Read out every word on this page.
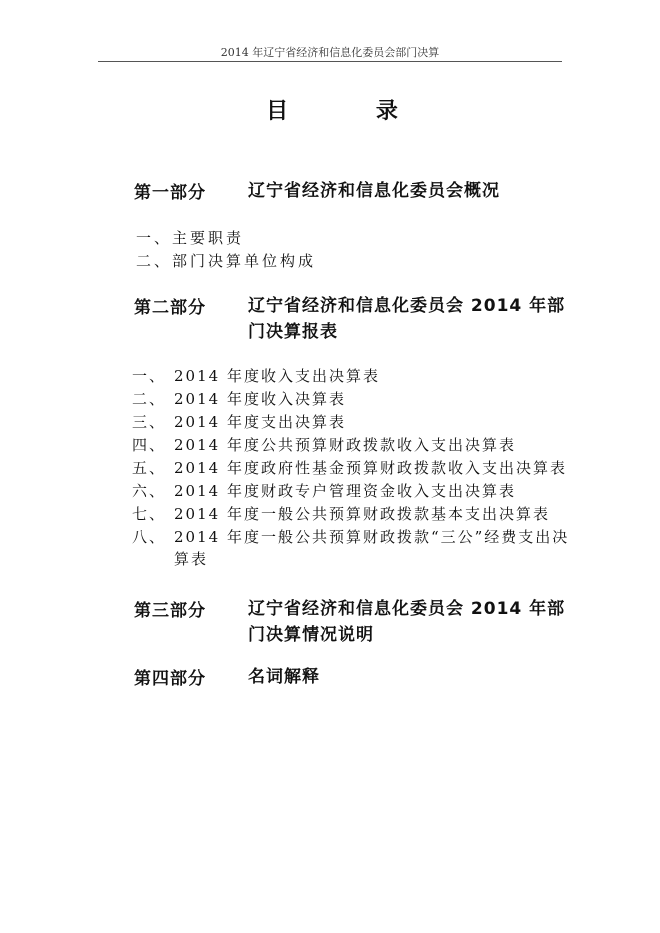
2014 年辽宁省经济和信息化委员会部门决算
目 录
第一部分 辽宁省经济和信息化委员会概况
一、主要职责
二、部门决算单位构成
第二部分 辽宁省经济和信息化委员会 2014 年部门决算报表
一、 2014 年度收入支出决算表
二、 2014 年度收入决算表
三、 2014 年度支出决算表
四、 2014 年度公共预算财政拨款收入支出决算表
五、 2014 年度政府性基金预算财政拨款收入支出决算表
六、 2014 年度财政专户管理资金收入支出决算表
七、 2014 年度一般公共预算财政拨款基本支出决算表
八、 2014 年度一般公共预算财政拨款“三公”经费支出决算表
第三部分 辽宁省经济和信息化委员会 2014 年部门决算情况说明
第四部分 名词解释
